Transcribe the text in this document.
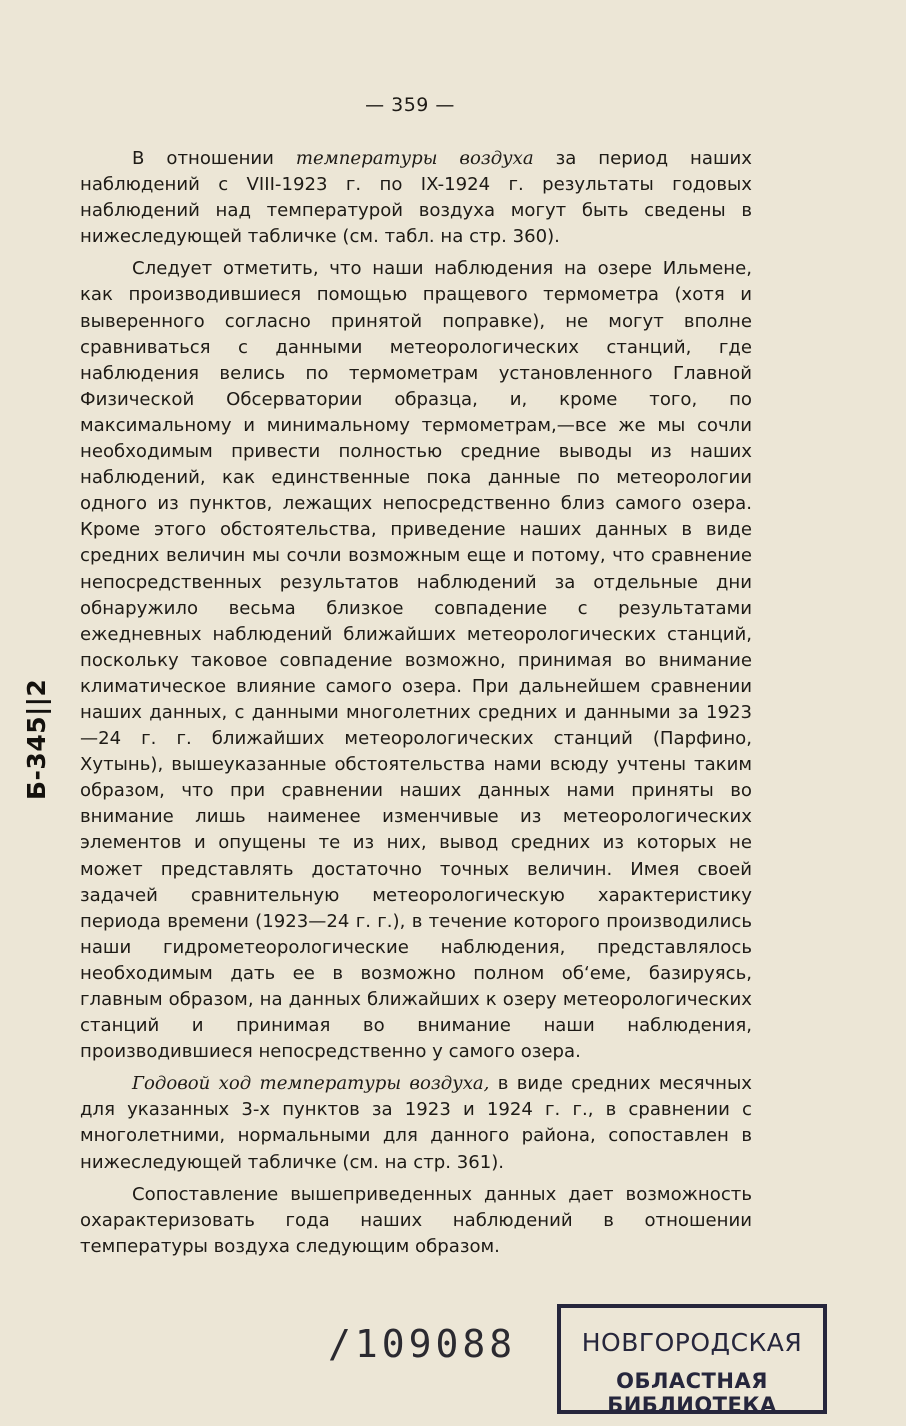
— 359 —

В отношении температуры воздуха за период наших наблюдений с VIII-1923 г. по IX-1924 г. результаты годовых наблюдений над температурой воздуха могут быть сведены в нижеследующей табличке (см. табл. на стр. 360).

Следует отметить, что наши наблюдения на озере Ильмене, как производившиеся помощью пращевого термометра (хотя и выверенного согласно принятой поправке), не могут вполне сравниваться с данными метеорологических станций, где наблюдения велись по термометрам установленного Главной Физической Обсерватории образца, и, кроме того, по максимальному и минимальному термометрам,—все же мы сочли необходимым привести полностью средние выводы из наших наблюдений, как единственные пока данные по метеорологии одного из пунктов, лежащих непосредственно близ самого озера. Кроме этого обстоятельства, приведение наших данных в виде средних величин мы сочли возможным еще и потому, что сравнение непосредственных результатов наблюдений за отдельные дни обнаружило весьма близкое совпадение с результатами ежедневных наблюдений ближайших метеорологических станций, поскольку таковое совпадение возможно, принимая во внимание климатическое влияние самого озера. При дальнейшем сравнении наших данных, с данными многолетних средних и данными за 1923—24 г. г. ближайших метеорологических станций (Парфино, Хутынь), вышеуказанные обстоятельства нами всюду учтены таким образом, что при сравнении наших данных нами приняты во внимание лишь наименее изменчивые из метеорологических элементов и опущены те из них, вывод средних из которых не может представлять достаточно точных величин. Имея своей задачей сравнительную метеорологическую характеристику периода времени (1923—24 г. г.), в течение которого производились наши гидрометеорологические наблюдения, представлялось необходимым дать ее в возможно полном об‘еме, базируясь, главным образом, на данных ближайших к озеру метеорологических станций и принимая во внимание наши наблюдения, производившиеся непосредственно у самого озера.

Годовой ход температуры воздуха, в виде средних месячных для указанных 3-х пунктов за 1923 и 1924 г. г., в сравнении с многолетними, нормальными для данного района, сопоставлен в нижеследующей табличке (см. на стр. 361).

Сопоставление вышеприведенных данных дает возможность охарактеризовать года наших наблюдений в отношении температуры воздуха следующим образом.

Б-345||2
/109088	НОВГОРОДСКАЯ
ОБЛАСТНАЯ БИБЛИОТЕКА
